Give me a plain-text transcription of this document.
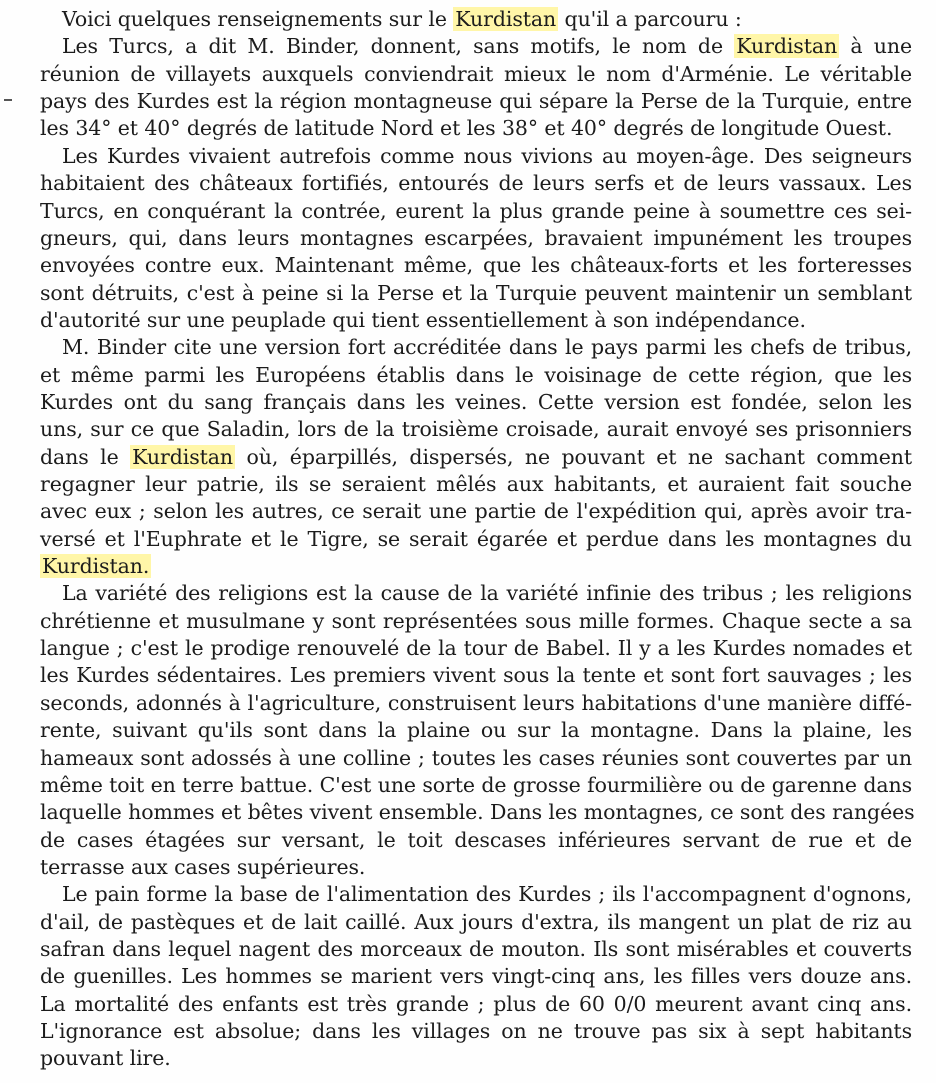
Voici quelques renseignements sur le Kurdistan qu'il a parcouru :
Les Turcs, a dit M. Binder, donnent, sans motifs, le nom de Kurdistan à une
réunion de villayets auxquels conviendrait mieux le nom d'Arménie. Le véritable
pays des Kurdes est la région montagneuse qui sépare la Perse de la Turquie, entre
les 34° et 40° degrés de latitude Nord et les 38° et 40° degrés de longitude Ouest.
Les Kurdes vivaient autrefois comme nous vivions au moyen-âge. Des seigneurs
habitaient des châteaux fortifiés, entourés de leurs serfs et de leurs vassaux. Les
Turcs, en conquérant la contrée, eurent la plus grande peine à soumettre ces sei-
gneurs, qui, dans leurs montagnes escarpées, bravaient impunément les troupes
envoyées contre eux. Maintenant même, que les châteaux-forts et les forteresses
sont détruits, c'est à peine si la Perse et la Turquie peuvent maintenir un semblant
d'autorité sur une peuplade qui tient essentiellement à son indépendance.
M. Binder cite une version fort accréditée dans le pays parmi les chefs de tribus,
et même parmi les Européens établis dans le voisinage de cette région, que les
Kurdes ont du sang français dans les veines. Cette version est fondée, selon les
uns, sur ce que Saladin, lors de la troisième croisade, aurait envoyé ses prisonniers
dans le Kurdistan où, éparpillés, dispersés, ne pouvant et ne sachant comment
regagner leur patrie, ils se seraient mêlés aux habitants, et auraient fait souche
avec eux ; selon les autres, ce serait une partie de l'expédition qui, après avoir tra-
versé et l'Euphrate et le Tigre, se serait égarée et perdue dans les montagnes du
Kurdistan.
La variété des religions est la cause de la variété infinie des tribus ; les religions
chrétienne et musulmane y sont représentées sous mille formes. Chaque secte a sa
langue ; c'est le prodige renouvelé de la tour de Babel. Il y a les Kurdes nomades et
les Kurdes sédentaires. Les premiers vivent sous la tente et sont fort sauvages ; les
seconds, adonnés à l'agriculture, construisent leurs habitations d'une manière diffé-
rente, suivant qu'ils sont dans la plaine ou sur la montagne. Dans la plaine, les
hameaux sont adossés à une colline ; toutes les cases réunies sont couvertes par un
même toit en terre battue. C'est une sorte de grosse fourmilière ou de garenne dans
laquelle hommes et bêtes vivent ensemble. Dans les montagnes, ce sont des rangées
de cases étagées sur versant, le toit descases inférieures servant de rue et de
terrasse aux cases supérieures.
Le pain forme la base de l'alimentation des Kurdes ; ils l'accompagnent d'ognons,
d'ail, de pastèques et de lait caillé. Aux jours d'extra, ils mangent un plat de riz au
safran dans lequel nagent des morceaux de mouton. Ils sont misérables et couverts
de guenilles. Les hommes se marient vers vingt-cinq ans, les filles vers douze ans.
La mortalité des enfants est très grande ; plus de 60 0/0 meurent avant cinq ans.
L'ignorance est absolue; dans les villages on ne trouve pas six à sept habitants
pouvant lire.
